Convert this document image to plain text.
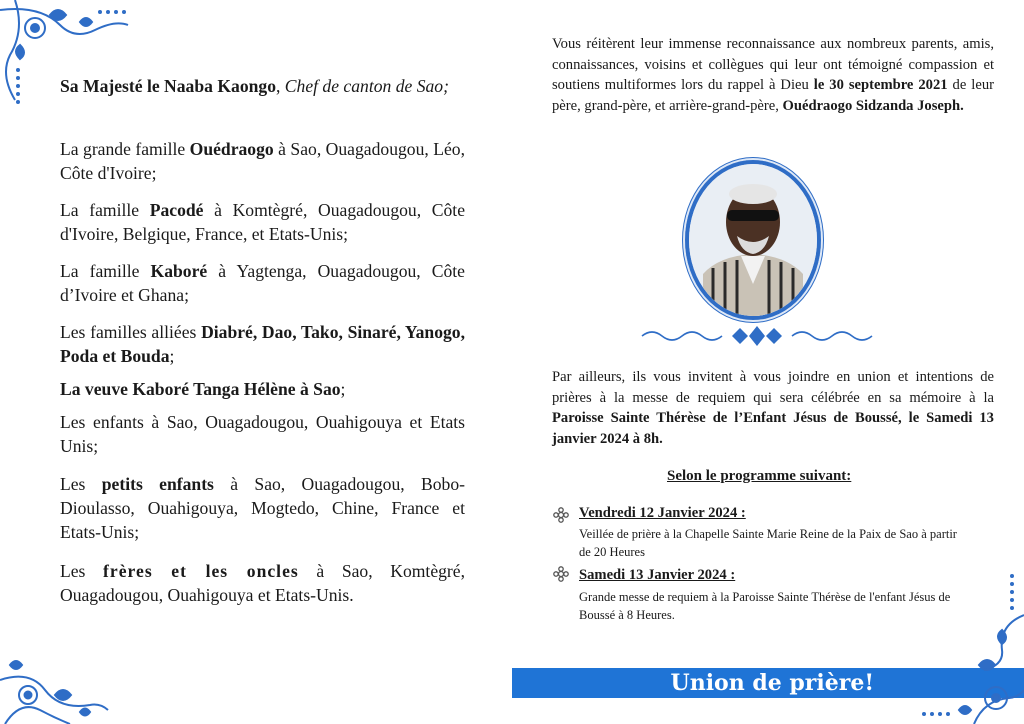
Sa Majesté le Naaba Kaongo, Chef de canton de Sao;

La grande famille Ouédraogo à Sao, Ouagadougou, Léo, Côte d'Ivoire;

La famille Pacodé à Komtègré, Ouagadougou, Côte d'Ivoire, Belgique, France, et Etats-Unis;

La famille Kaboré à Yagtenga, Ouagadougou, Côte d’Ivoire et Ghana;

Les familles alliées Diabré, Dao, Tako, Sinaré, Yanogo, Poda et Bouda;

La veuve Kaboré Tanga Hélène à Sao;

Les enfants à Sao, Ouagadougou, Ouahigouya et Etats Unis;

Les petits enfants à Sao, Ouagadougou, Bobo-Dioulasso, Ouahigouya, Mogtedo, Chine, France et Etats-Unis;

Les frères et les oncles à Sao, Komtègré, Ouagadougou, Ouahigouya et Etats-Unis.

Vous réitèrent leur immense reconnaissance aux nombreux parents, amis, connaissances, voisins et collègues qui leur ont témoigné compassion et soutiens multiformes lors du rappel à Dieu le 30 septembre 2021 de leur père, grand-père, et arrière-grand-père, Ouédraogo Sidzanda Joseph.

Par ailleurs, ils vous invitent à vous joindre en union et intentions de prières à la messe de requiem qui sera célébrée en sa mémoire à la Paroisse Sainte Thérèse de l’Enfant Jésus de Boussé, le Samedi 13 janvier 2024 à 8h.

Selon le programme suivant:
Vendredi 12 Janvier 2024 :
Veillée de prière à la Chapelle Sainte Marie Reine de la Paix de Sao à partir de 20 Heures
Samedi 13 Janvier 2024 :
Grande messe de requiem à la Paroisse Sainte Thérèse de l'enfant Jésus de Boussé à 8 Heures.
Union de prière!
